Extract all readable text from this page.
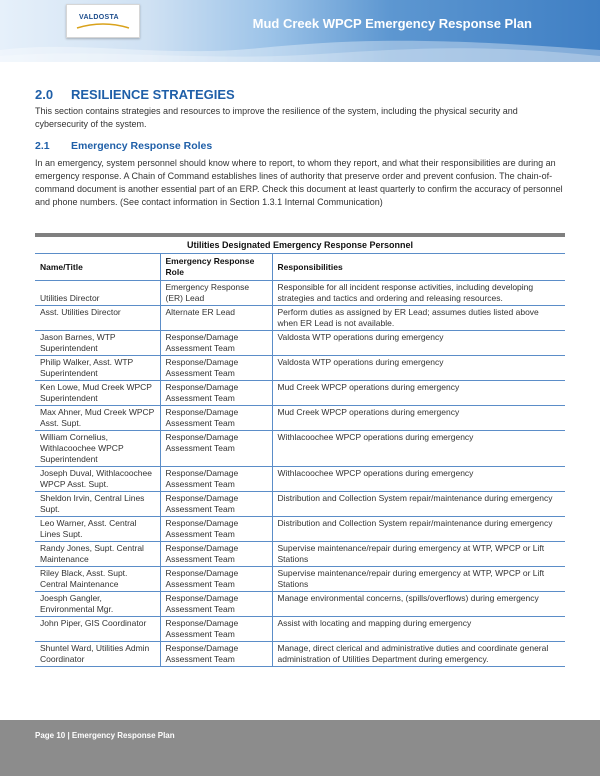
VALDOSTA	Mud Creek WPCP Emergency Response Plan
2.0 RESILIENCE STRATEGIES
This section contains strategies and resources to improve the resilience of the system, including the physical security and cybersecurity of the system.
2.1 Emergency Response Roles
In an emergency, system personnel should know where to report, to whom they report, and what their responsibilities are during an emergency response. A Chain of Command establishes lines of authority that preserve order and prevent confusion. The chain-of-command document is another essential part of an ERP. Check this document at least quarterly to confirm the accuracy of personnel and phone numbers. (See contact information in Section 1.3.1 Internal Communication)
Utilities Designated Emergency Response Personnel
Name/Title	Emergency Response Role	Responsibilities
Utilities Director	Emergency Response (ER) Lead	Responsible for all incident response activities, including developing strategies and tactics and ordering and releasing resources.
Asst. Utilities Director	Alternate ER Lead	Perform duties as assigned by ER Lead; assumes duties listed above when ER Lead is not available.
Jason Barnes, WTP Superintendent	Response/Damage Assessment Team	Valdosta WTP operations during emergency
Philip Walker, Asst. WTP Superintendent	Response/Damage Assessment Team	Valdosta WTP operations during emergency
Ken Lowe, Mud Creek WPCP Superintendent	Response/Damage Assessment Team	Mud Creek WPCP operations during emergency
Max Ahner, Mud Creek WPCP Asst. Supt.	Response/Damage Assessment Team	Mud Creek WPCP operations during emergency
William Cornelius, Withlacoochee WPCP Superintendent	Response/Damage Assessment Team	Withlacoochee WPCP operations during emergency
Joseph Duval, Withlacoochee WPCP Asst. Supt.	Response/Damage Assessment Team	Withlacoochee WPCP operations during emergency
Sheldon Irvin, Central Lines Supt.	Response/Damage Assessment Team	Distribution and Collection System repair/maintenance during emergency
Leo Warner, Asst. Central Lines Supt.	Response/Damage Assessment Team	Distribution and Collection System repair/maintenance during emergency
Randy Jones, Supt. Central Maintenance	Response/Damage Assessment Team	Supervise maintenance/repair during emergency at WTP, WPCP or Lift Stations
Riley Black, Asst. Supt. Central Maintenance	Response/Damage Assessment Team	Supervise maintenance/repair during emergency at WTP, WPCP or Lift Stations
Joesph Gangler, Environmental Mgr.	Response/Damage Assessment Team	Manage environmental concerns, (spills/overflows) during emergency
John Piper, GIS Coordinator	Response/Damage Assessment Team	Assist with locating and mapping during emergency
Shuntel Ward, Utilities Admin Coordinator	Response/Damage Assessment Team	Manage, direct clerical and administrative duties and coordinate general administration of Utilities Department during emergency.
Page 10 | Emergency Response Plan
